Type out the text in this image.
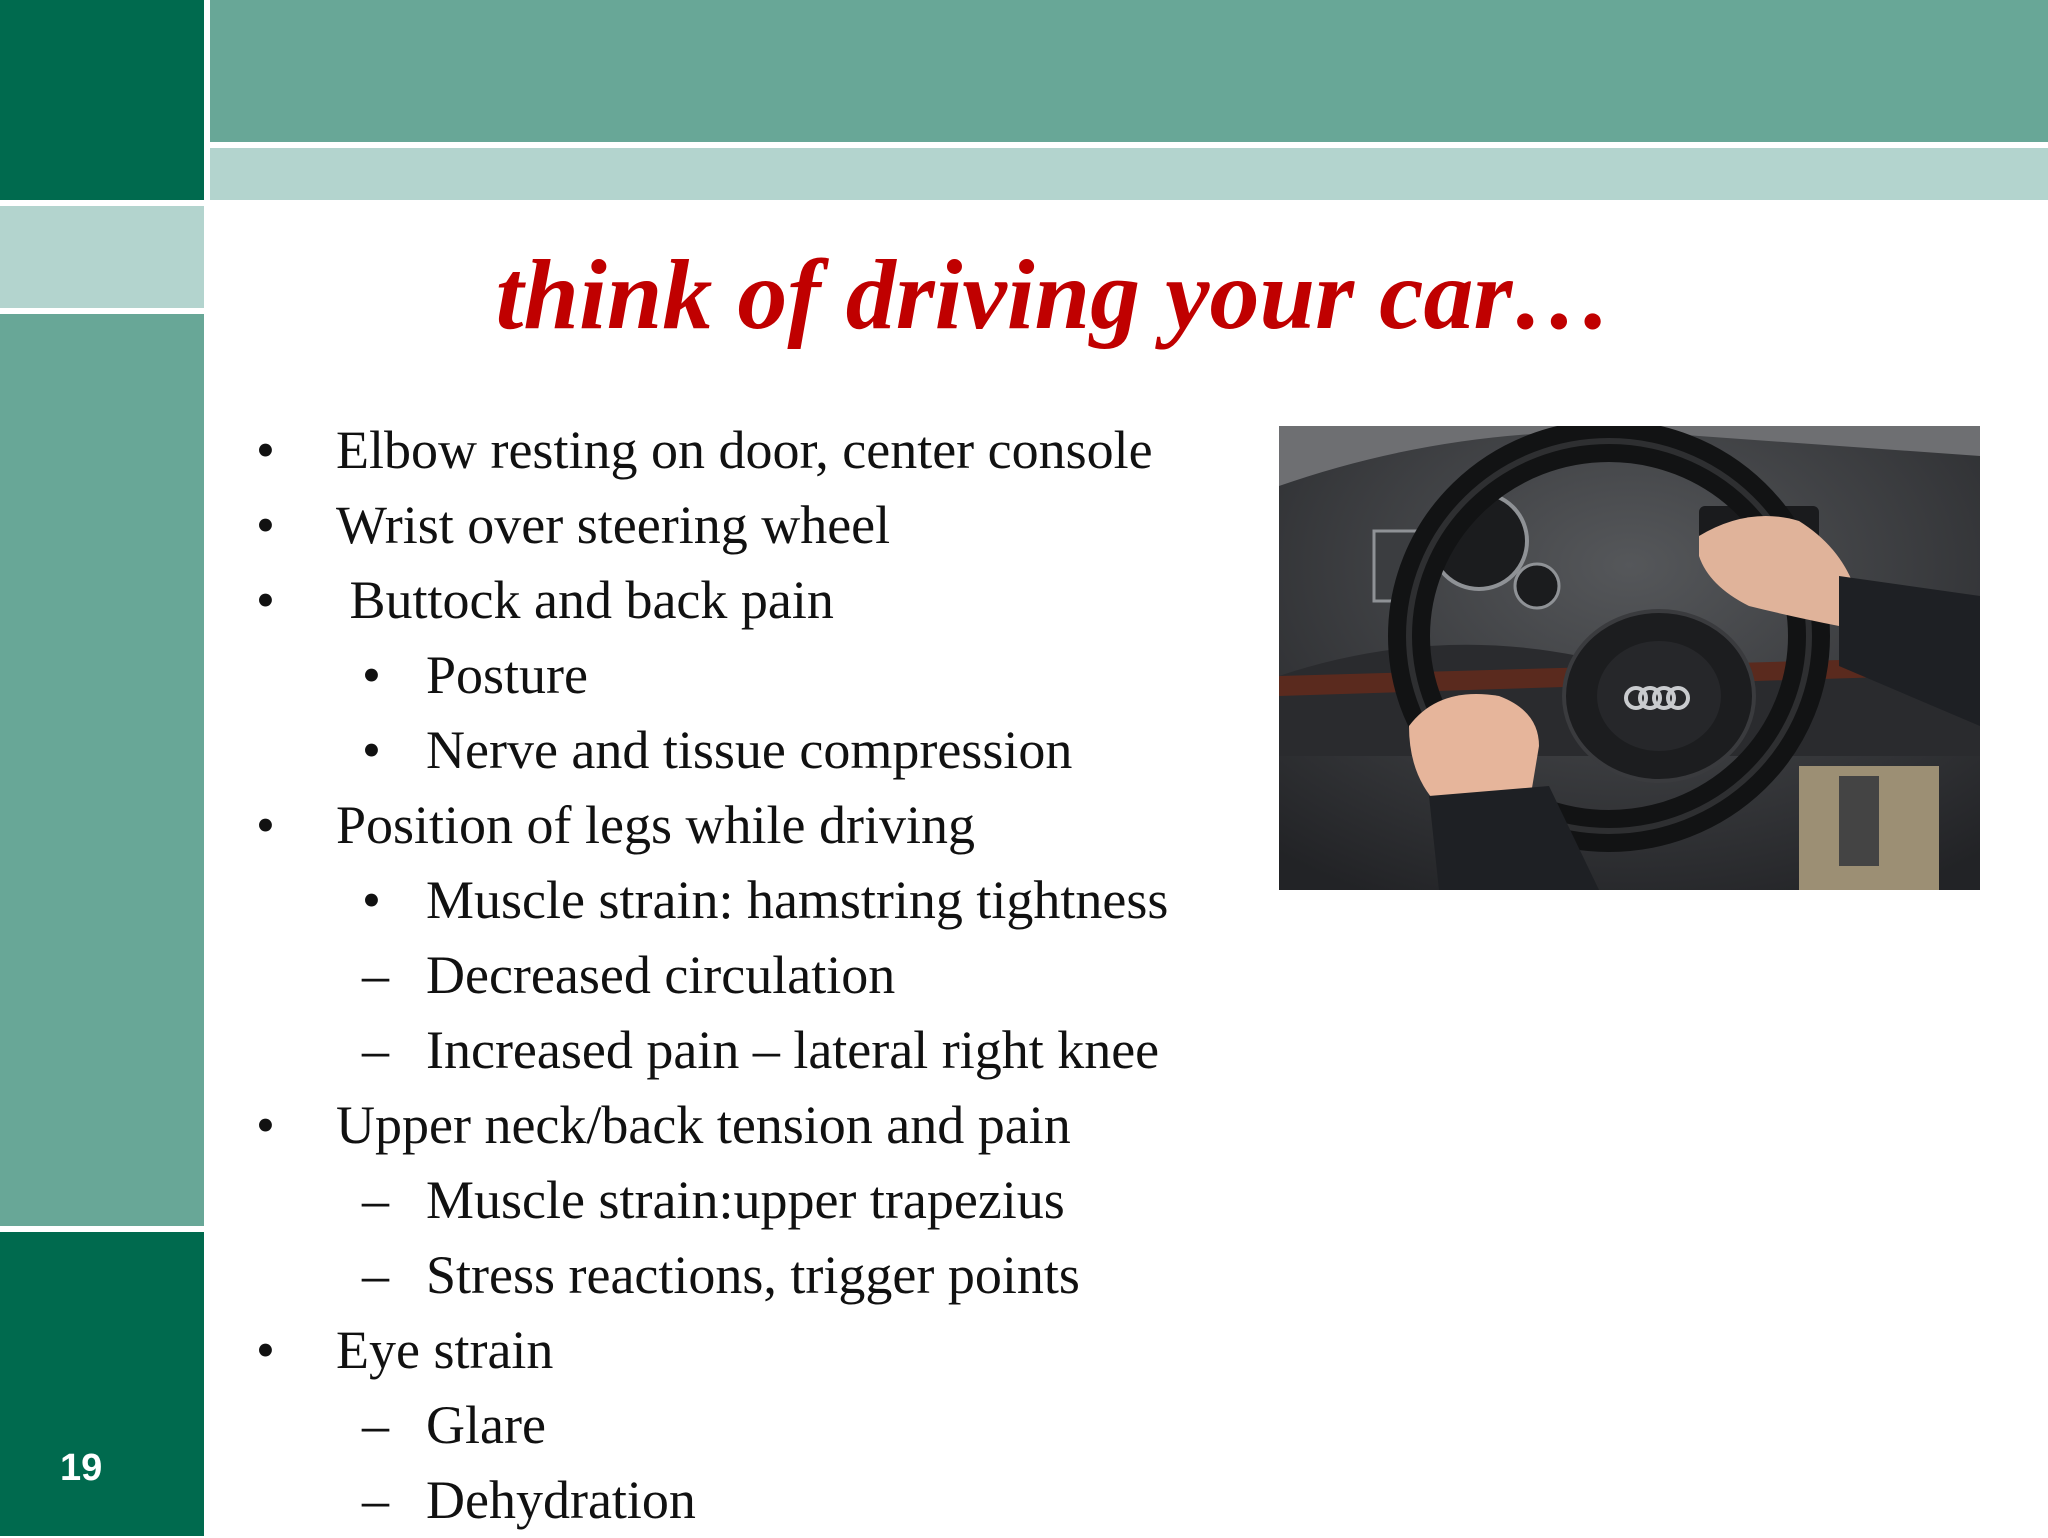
think of driving your car…
• Elbow resting on door, center console
• Wrist over steering wheel
• Buttock and back pain
• Posture
• Nerve and tissue compression
• Position of legs while driving
• Muscle strain: hamstring tightness
– Decreased circulation
– Increased pain – lateral right knee
• Upper neck/back tension and pain
– Muscle strain:upper trapezius
– Stress reactions, trigger points
• Eye strain
– Glare
– Dehydration
19
